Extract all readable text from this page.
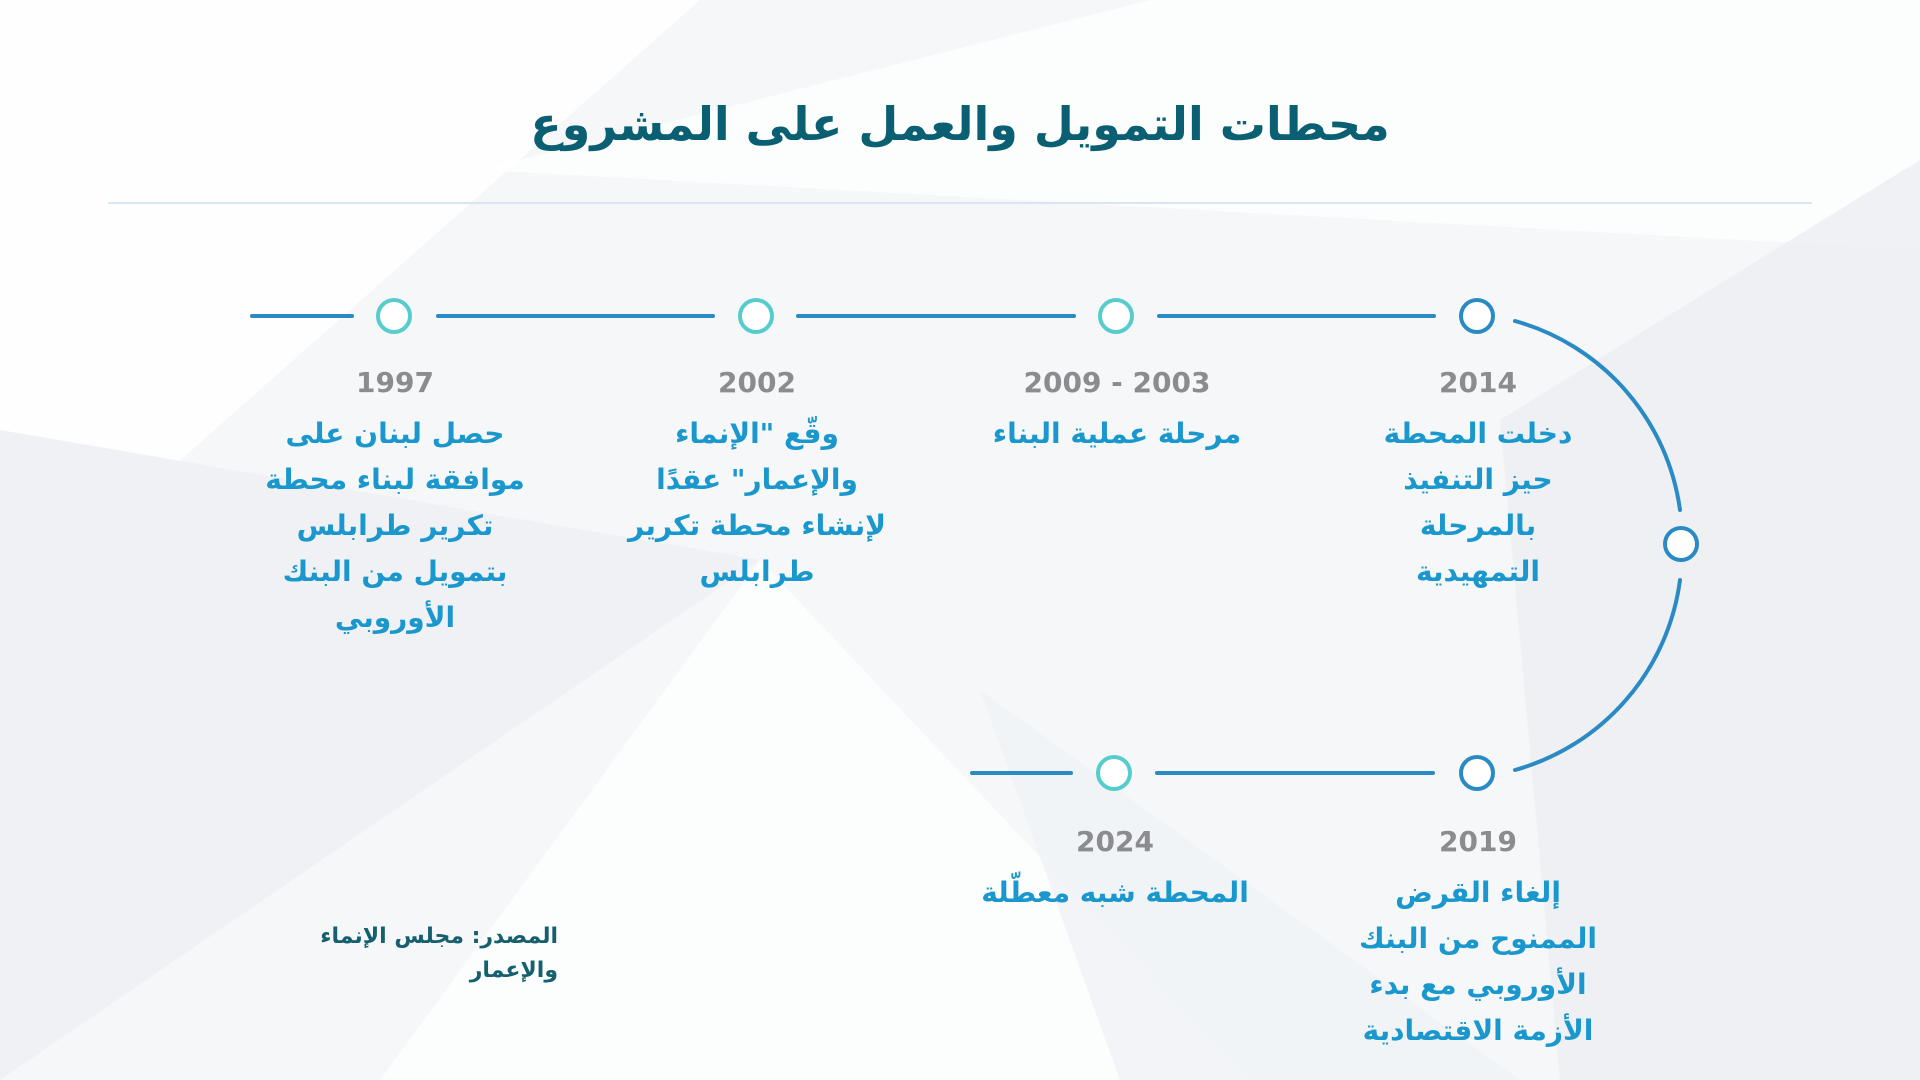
محطات التمويل والعمل على المشروع
1997
حصل لبنان على موافقة لبناء محطة تكرير طرابلس بتمويل من البنك الأوروبي
2002
وقّع "الإنماء والإعمار" عقدًا لإنشاء محطة تكرير طرابلس
2009 - 2003
مرحلة عملية البناء
2014
دخلت المحطة حيز التنفيذ بالمرحلة التمهيدية
2019
إلغاء القرض الممنوح من البنك الأوروبي مع بدء الأزمة الاقتصادية
2024
المحطة شبه معطّلة
المصدر: مجلس الإنماء والإعمار
